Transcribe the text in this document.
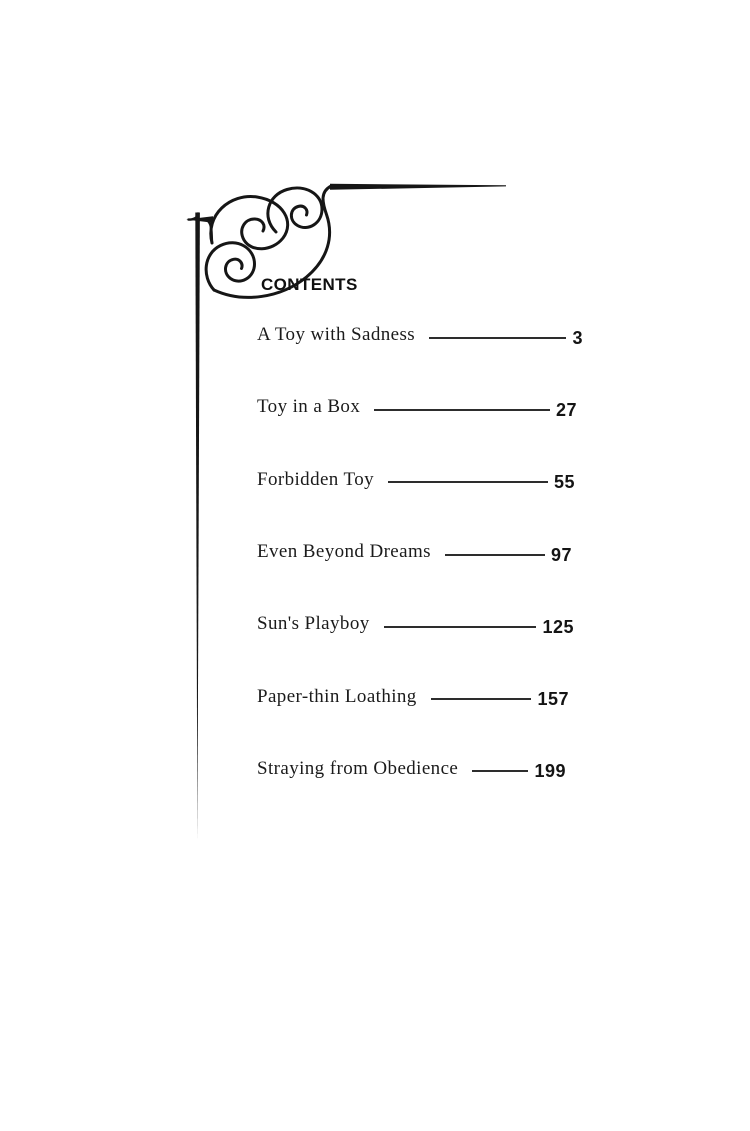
CONTENTS
A Toy with Sadness	3
Toy in a Box	27
Forbidden Toy	55
Even Beyond Dreams	97
Sun's Playboy	125
Paper-thin Loathing	157
Straying from Obedience	199
